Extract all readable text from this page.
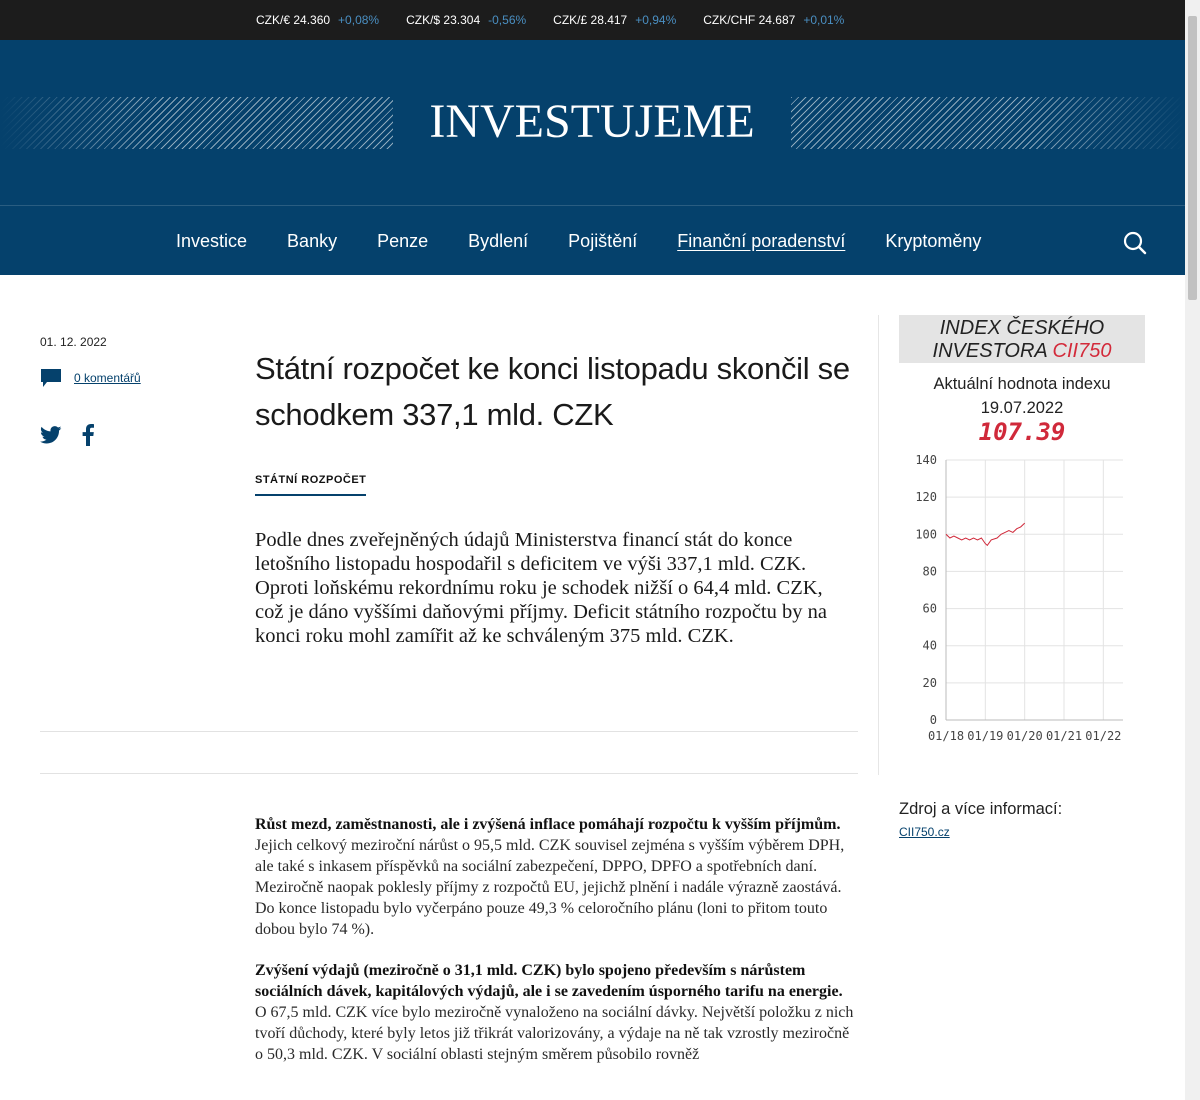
CZK/€ 24.360 +0,08% CZK/$ 23.304 -0,56% CZK/£ 28.417 +0,94% CZK/CHF 24.687 +0,01%
INVESTUJEME
Investice Banky Penze Bydlení Pojištění Finanční poradenství Kryptoměny
01. 12. 2022
0 komentářů	Státní rozpočet ke konci listopadu skončil se schodkem 337,1 mld. CZK
STÁTNÍ ROZPOČET
Podle dnes zveřejněných údajů Ministerstva financí stát do konce letošního listopadu hospodařil s deficitem ve výši 337,1 mld. CZK. Oproti loňskému rekordnímu roku je schodek nižší o 64,4 mld. CZK, což je dáno vyššími daňovými příjmy. Deficit státního rozpočtu by na konci roku mohl zamířit až ke schváleným 375 mld. CZK.

Růst mezd, zaměstnanosti, ale i zvýšená inflace pomáhají rozpočtu k vyšším příjmům. Jejich celkový meziroční nárůst o 95,5 mld. CZK souvisel zejména s vyšším výběrem DPH, ale také s inkasem příspěvků na sociální zabezpečení, DPPO, DPFO a spotřebních daní. Meziročně naopak poklesly příjmy z rozpočtů EU, jejichž plnění i nadále výrazně zaostává. Do konce listopadu bylo vyčerpáno pouze 49,3 % celoročního plánu (loni to přitom touto dobou bylo 74 %).

Zvýšení výdajů (meziročně o 31,1 mld. CZK) bylo spojeno především s nárůstem sociálních dávek, kapitálových výdajů, ale i se zavedením úsporného tarifu na energie. O 67,5 mld. CZK více bylo meziročně vynaloženo na sociální dávky. Největší položku z nich tvoří důchody, které byly letos již třikrát valorizovány, a výdaje na ně tak vzrostly meziročně o 50,3 mld. CZK. V sociální oblasti stejným směrem působilo rovněž

INDEX ČESKÉHO
INVESTORA CII750
Aktuální hodnota indexu
19.07.2022
107.39
0
20
40
60
80
100
120
140
01/18 01/19 01/20 01/21 01/22
Zdroj a více informací:
CII750.cz
